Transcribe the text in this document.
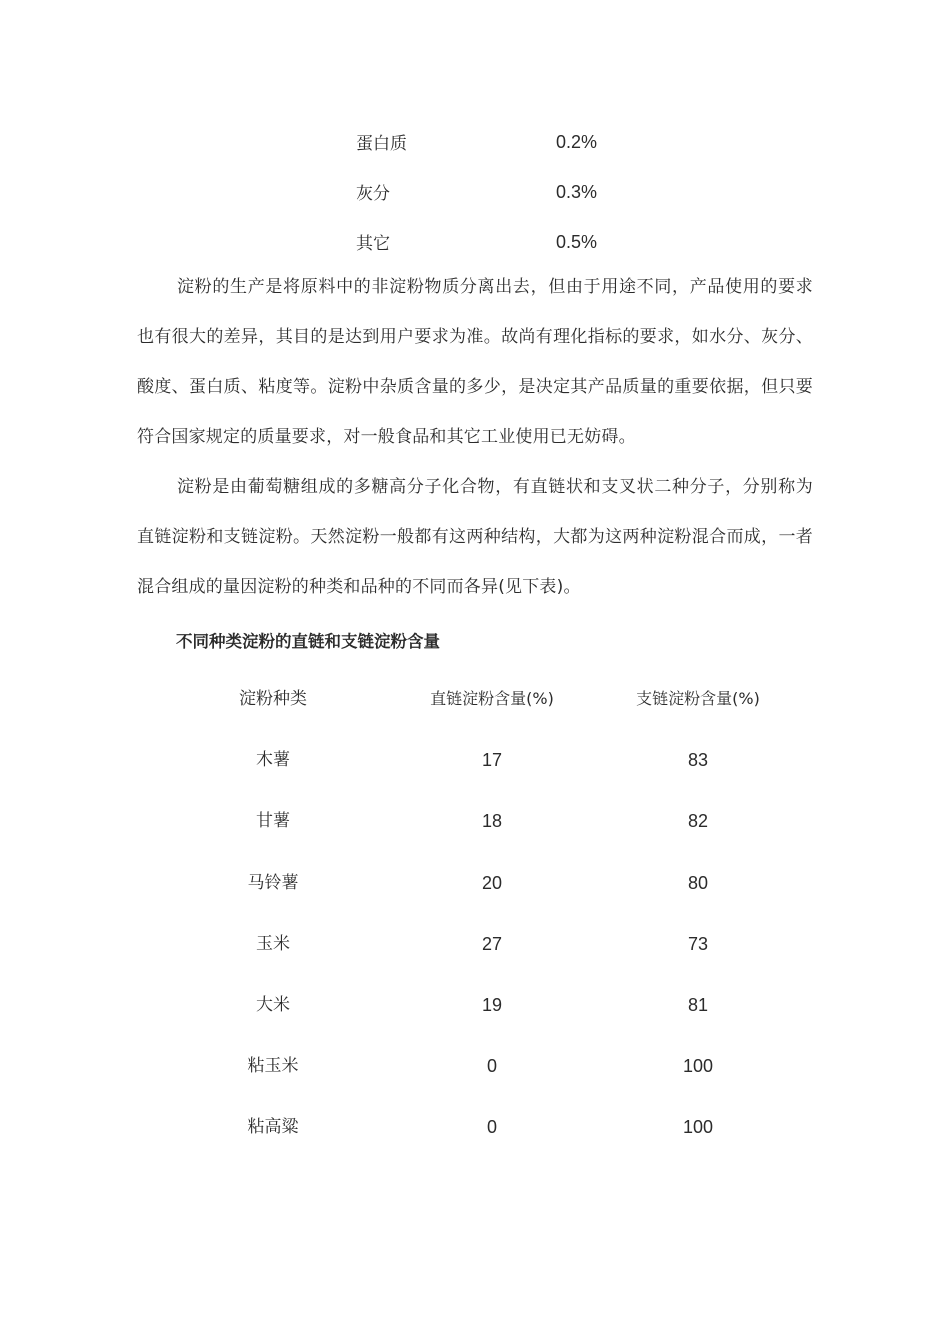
蛋白质	0.2%
灰分	0.3%
其它	0.5%

淀粉的生产是将原料中的非淀粉物质分离出去，但由于用途不同，产品使用的要求也有很大的差异，其目的是达到用户要求为准。故尚有理化指标的要求，如水分、灰分、酸度、蛋白质、粘度等。淀粉中杂质含量的多少，是决定其产品质量的重要依据，但只要符合国家规定的质量要求，对一般食品和其它工业使用已无妨碍。

淀粉是由葡萄糖组成的多糖高分子化合物，有直链状和支叉状二种分子，分别称为直链淀粉和支链淀粉。天然淀粉一般都有这两种结构，大都为这两种淀粉混合而成，一者混合组成的量因淀粉的种类和品种的不同而各异(见下表)。

不同种类淀粉的直链和支链淀粉含量
淀粉种类	直链淀粉含量(%)	支链淀粉含量(%)
木薯	17	83
甘薯	18	82
马铃薯	20	80
玉米	27	73
大米	19	81
粘玉米	0	100
粘高粱	0	100
